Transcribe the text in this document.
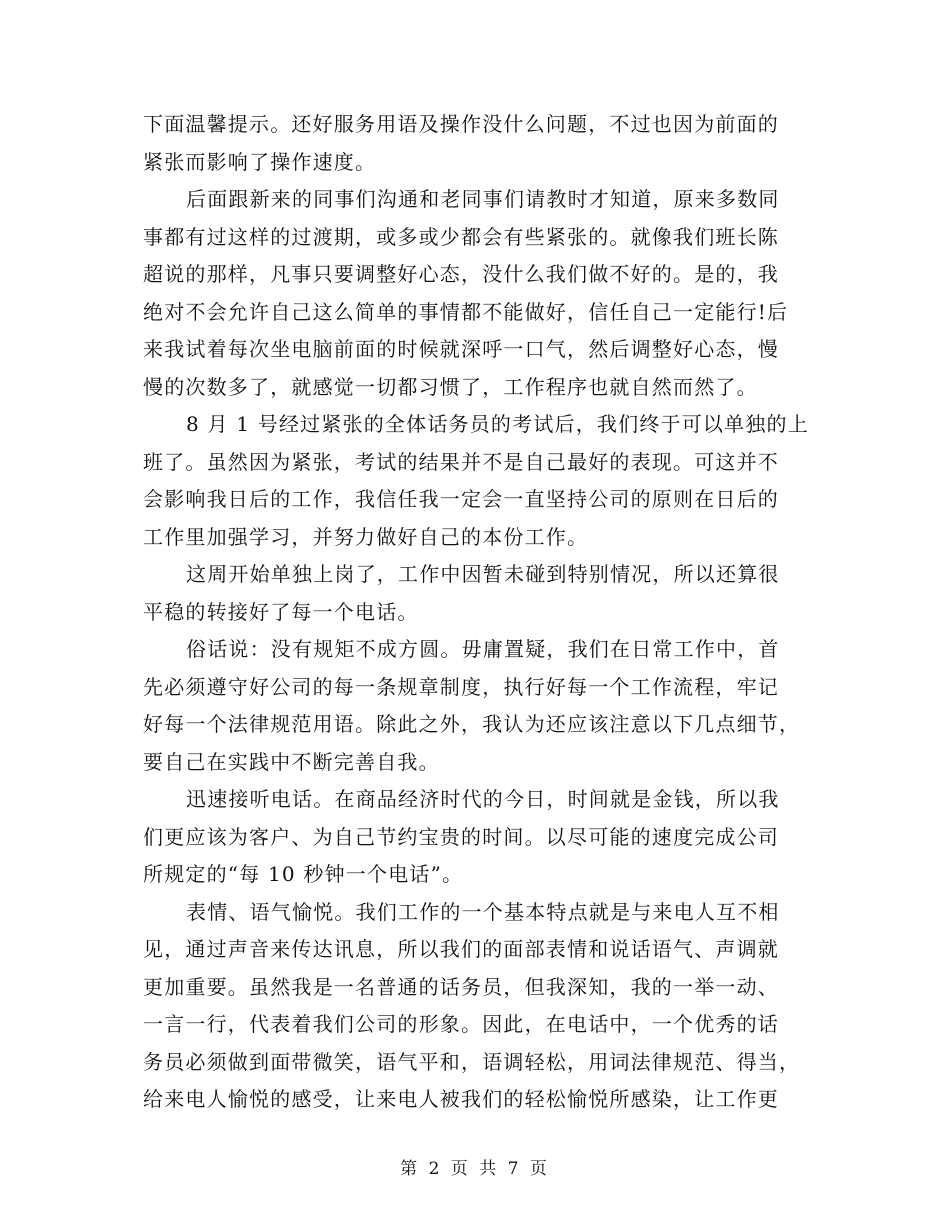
下面温馨提示。还好服务用语及操作没什么问题，不过也因为前面的
紧张而影响了操作速度。
后面跟新来的同事们沟通和老同事们请教时才知道，原来多数同
事都有过这样的过渡期，或多或少都会有些紧张的。就像我们班长陈
超说的那样，凡事只要调整好心态，没什么我们做不好的。是的，我
绝对不会允许自己这么简单的事情都不能做好，信任自己一定能行!后
来我试着每次坐电脑前面的时候就深呼一口气，然后调整好心态，慢
慢的次数多了，就感觉一切都习惯了，工作程序也就自然而然了。
8 月 1 号经过紧张的全体话务员的考试后，我们终于可以单独的上
班了。虽然因为紧张，考试的结果并不是自己最好的表现。可这并不
会影响我日后的工作，我信任我一定会一直坚持公司的原则在日后的
工作里加强学习，并努力做好自己的本份工作。
这周开始单独上岗了，工作中因暂未碰到特别情况，所以还算很
平稳的转接好了每一个电话。
俗话说：没有规矩不成方圆。毋庸置疑，我们在日常工作中，首
先必须遵守好公司的每一条规章制度，执行好每一个工作流程，牢记
好每一个法律规范用语。除此之外，我认为还应该注意以下几点细节，
要自己在实践中不断完善自我。
迅速接听电话。在商品经济时代的今日，时间就是金钱，所以我
们更应该为客户、为自己节约宝贵的时间。以尽可能的速度完成公司
所规定的“每 10 秒钟一个电话”。
表情、语气愉悦。我们工作的一个基本特点就是与来电人互不相
见，通过声音来传达讯息，所以我们的面部表情和说话语气、声调就
更加重要。虽然我是一名普通的话务员，但我深知，我的一举一动、
一言一行，代表着我们公司的形象。因此，在电话中，一个优秀的话
务员必须做到面带微笑，语气平和，语调轻松，用词法律规范、得当，
给来电人愉悦的感受，让来电人被我们的轻松愉悦所感染，让工作更
第 2 页 共 7 页
